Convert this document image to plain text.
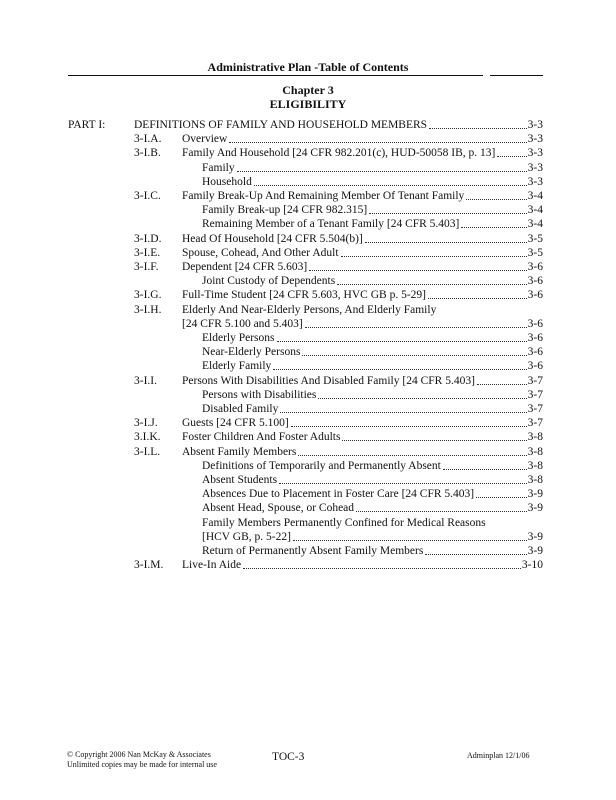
Administrative Plan -Table of Contents
Chapter 3
ELIGIBILITY
PART I: DEFINITIONS OF FAMILY AND HOUSEHOLD MEMBERS	3-3
3-I.A. Overview	3-3
3-I.B. Family And Household [24 CFR 982.201(c), HUD-50058 IB, p. 13]	3-3
Family	3-3
Household	3-3
3-I.C. Family Break-Up And Remaining Member Of Tenant Family	3-4
Family Break-up [24 CFR 982.315]	3-4
Remaining Member of a Tenant Family [24 CFR 5.403]	3-4
3-I.D. Head Of Household [24 CFR 5.504(b)]	3-5
3-I.E. Spouse, Cohead, And Other Adult	3-5
3-I.F. Dependent [24 CFR 5.603]	3-6
Joint Custody of Dependents	3-6
3-I.G. Full-Time Student [24 CFR 5.603, HVC GB p. 5-29]	3-6
3-I.H. Elderly And Near-Elderly Persons, And Elderly Family
[24 CFR 5.100 and 5.403]	3-6
Elderly Persons	3-6
Near-Elderly Persons	3-6
Elderly Family	3-6
3-I.I. Persons With Disabilities And Disabled Family [24 CFR 5.403]	3-7
Persons with Disabilities	3-7
Disabled Family	3-7
3-I.J. Guests [24 CFR 5.100]	3-7
3.I.K. Foster Children And Foster Adults	3-8
3-I.L. Absent Family Members	3-8
Definitions of Temporarily and Permanently Absent	3-8
Absent Students	3-8
Absences Due to Placement in Foster Care [24 CFR 5.403]	3-9
Absent Head, Spouse, or Cohead	3-9
Family Members Permanently Confined for Medical Reasons
[HCV GB, p. 5-22]	3-9
Return of Permanently Absent Family Members	3-9
3-I.M. Live-In Aide	3-10
© Copyright 2006 Nan McKay & Associates
Unlimited copies may be made for internal use
TOC-3	Adminplan 12/1/06
